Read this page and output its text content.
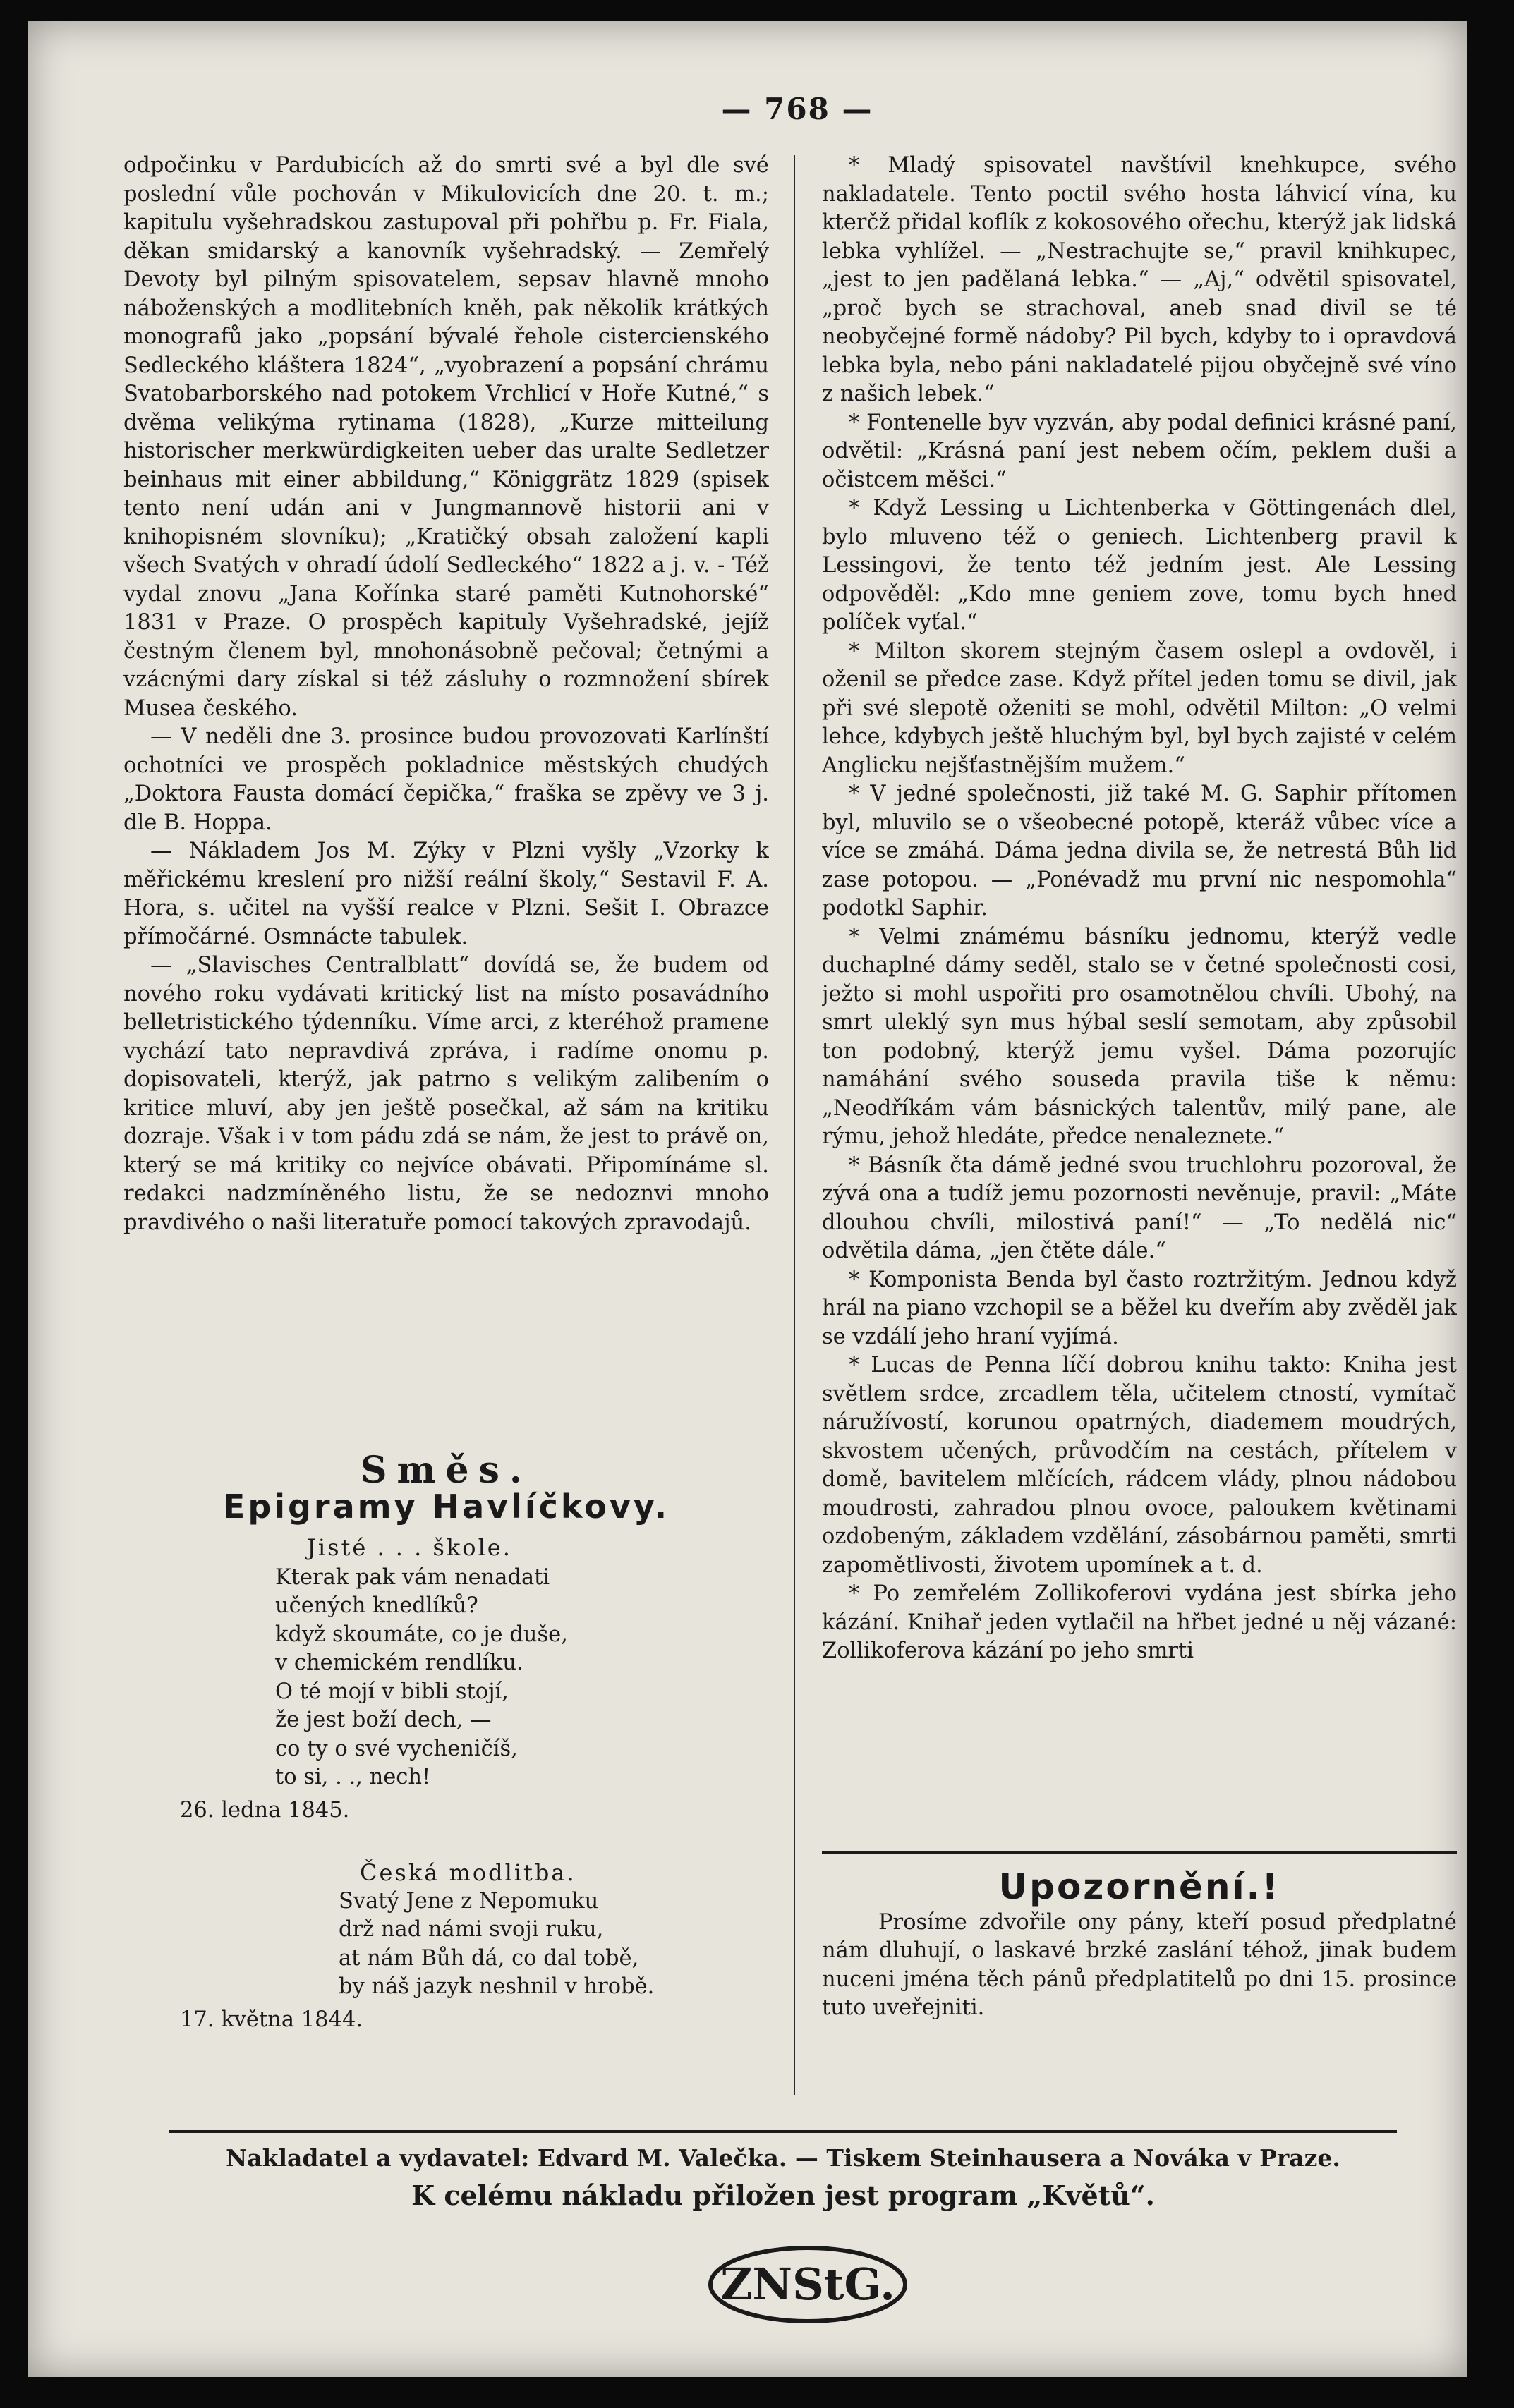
— 768 —

odpočinku v Pardubicích až do smrti své a byl dle své poslední vůle pochován v Mikulovicích dne 20. t. m.; kapitulu vyšehradskou zastupoval při pohřbu p. Fr. Fiala, děkan smidarský a kanovník vyšehradský. — Zemřelý Devoty byl pilným spisovatelem, sepsav hlavně mnoho náboženských a modlitebních kněh, pak několik krátkých monografů jako „popsání bývalé řehole cistercienského Sedleckého kláštera 1824“, „vyobrazení a popsání chrámu Svatobarborského nad potokem Vrchlicí v Hoře Kutné,“ s dvěma velikýma rytinama (1828), „Kurze mitteilung historischer merkwürdigkeiten ueber das uralte Sedletzer beinhaus mit einer abbildung,“ Königgrätz 1829 (spisek tento není udán ani v Jungmannově historii ani v knihopisném slovníku); „Kratičký obsah založení kapli všech Svatých v ohradí údolí Sedleckého“ 1822 a j. v. - Též vydal znovu „Jana Kořínka staré paměti Kutnohorské“ 1831 v Praze. O prospěch kapituly Vyšehradské, jejíž čestným členem byl, mnohonásobně pečoval; četnými a vzácnými dary získal si též zásluhy o rozmnožení sbírek Musea českého.

— V neděli dne 3. prosince budou provozovati Karlínští ochotníci ve prospěch pokladnice městských chudých „Doktora Fausta domácí čepička,“ fraška se zpěvy ve 3 j. dle B. Hoppa.

— Nákladem Jos M. Zýky v Plzni vyšly „Vzorky k měřickému kreslení pro nižší reální školy,“ Sestavil F. A. Hora, s. učitel na vyšší realce v Plzni. Sešit I. Obrazce přímočárné. Osmnácte tabulek.

— „Slavisches Centralblatt“ dovídá se, že budem od nového roku vydávati kritický list na místo posavádního belletristického týdenníku. Víme arci, z kteréhož pramene vychází tato nepravdivá zpráva, i radíme onomu p. dopisovateli, kterýž, jak patrno s velikým zalibením o kritice mluví, aby jen ještě posečkal, až sám na kritiku dozraje. Však i v tom pádu zdá se nám, že jest to právě on, který se má kritiky co nejvíce obávati. Připomínáme sl. redakci nadzmíněného listu, že se nedoznvi mnoho pravdivého o naši literatuře pomocí takových zpravodajů.

Směs.
Epigramy Havlíčkovy.
Jisté . . . škole.
Kterak pak vám nenadati
učených knedlíků?
když skoumáte, co je duše,
v chemickém rendlíku.
O té mojí v bibli stojí,
že jest boží dech, —
co ty o své vycheničíš,
to si, . ., nech!
26. ledna 1845.
Česká modlitba.
Svatý Jene z Nepomuku
drž nad námi svoji ruku,
at nám Bůh dá, co dal tobě,
by náš jazyk neshnil v hrobě.
17. května 1844.

* Mladý spisovatel navštívil knehkupce, svého nakladatele. Tento poctil svého hosta láhvicí vína, ku kterčž přidal koflík z kokosového ořechu, kterýž jak lidská lebka vyhlížel. — „Nestrachujte se,“ pravil knihkupec, „jest to jen padělaná lebka.“ — „Aj,“ odvětil spisovatel, „proč bych se strachoval, aneb snad divil se té neobyčejné formě nádoby? Pil bych, kdyby to i opravdová lebka byla, nebo páni nakladatelé pijou obyčejně své víno z našich lebek.“

* Fontenelle byv vyzván, aby podal definici krásné paní, odvětil: „Krásná paní jest nebem očím, peklem duši a očistcem měšci.“

* Když Lessing u Lichtenberka v Göttingenách dlel, bylo mluveno též o geniech. Lichtenberg pravil k Lessingovi, že tento též jedním jest. Ale Lessing odpověděl: „Kdo mne geniem zove, tomu bych hned políček vyťal.“

* Milton skorem stejným časem oslepl a ovdověl, i oženil se předce zase. Když přítel jeden tomu se divil, jak při své slepotě oženiti se mohl, odvětil Milton: „O velmi lehce, kdybych ještě hluchým byl, byl bych zajisté v celém Anglicku nejšťastnějším mužem.“

* V jedné společnosti, již také M. G. Saphir přítomen byl, mluvilo se o všeobecné potopě, kteráž vůbec více a více se zmáhá. Dáma jedna divila se, že netrestá Bůh lid zase potopou. — „Ponévadž mu první nic nespomohla“ podotkl Saphir.

* Velmi známému básníku jednomu, kterýž vedle duchaplné dámy seděl, stalo se v četné společnosti cosi, ježto si mohl uspořiti pro osamotnělou chvíli. Ubohý, na smrt uleklý syn mus hýbal seslí semotam, aby způsobil ton podobný, kterýž jemu vyšel. Dáma pozorujíc namáhání svého souseda pravila tiše k němu: „Neodříkám vám básnických talentův, milý pane, ale rýmu, jehož hledáte, předce nenaleznete.“

* Básník čta dámě jedné svou truchlohru pozoroval, že zývá ona a tudíž jemu pozornosti nevěnuje, pravil: „Máte dlouhou chvíli, milostivá paní!“ — „To nedělá nic“ odvětila dáma, „jen čtěte dále.“

* Komponista Benda byl často roztržitým. Jednou když hrál na piano vzchopil se a běžel ku dveřím aby zvěděl jak se vzdálí jeho hraní vyjímá.

* Lucas de Penna líčí dobrou knihu takto: Kniha jest světlem srdce, zrcadlem těla, učitelem ctností, vymítač náružívostí, korunou opatrných, diademem moudrých, skvostem učených, průvodčím na cestách, přítelem v domě, bavitelem mlčících, rádcem vlády, plnou nádobou moudrosti, zahradou plnou ovoce, paloukem květinami ozdobeným, základem vzdělání, zásobárnou paměti, smrti zapomětlivosti, životem upomínek a t. d.

* Po zemřelém Zollikoferovi vydána jest sbírka jeho kázání. Knihař jeden vytlačil na hřbet jedné u něj vázané: Zollikoferova kázání po jeho smrti

Upozornění.!

Prosíme zdvořile ony pány, kteří posud předplatné nám dluhují, o laskavé brzké zaslání téhož, jinak budem nuceni jména těch pánů předplatitelů po dni 15. prosince tuto uveřejniti.

Nakladatel a vydavatel: Edvard M. Valečka. — Tiskem Steinhausera a Nováka v Praze.
K celému nákladu přiložen jest program „Květů“.
ZNStG.
